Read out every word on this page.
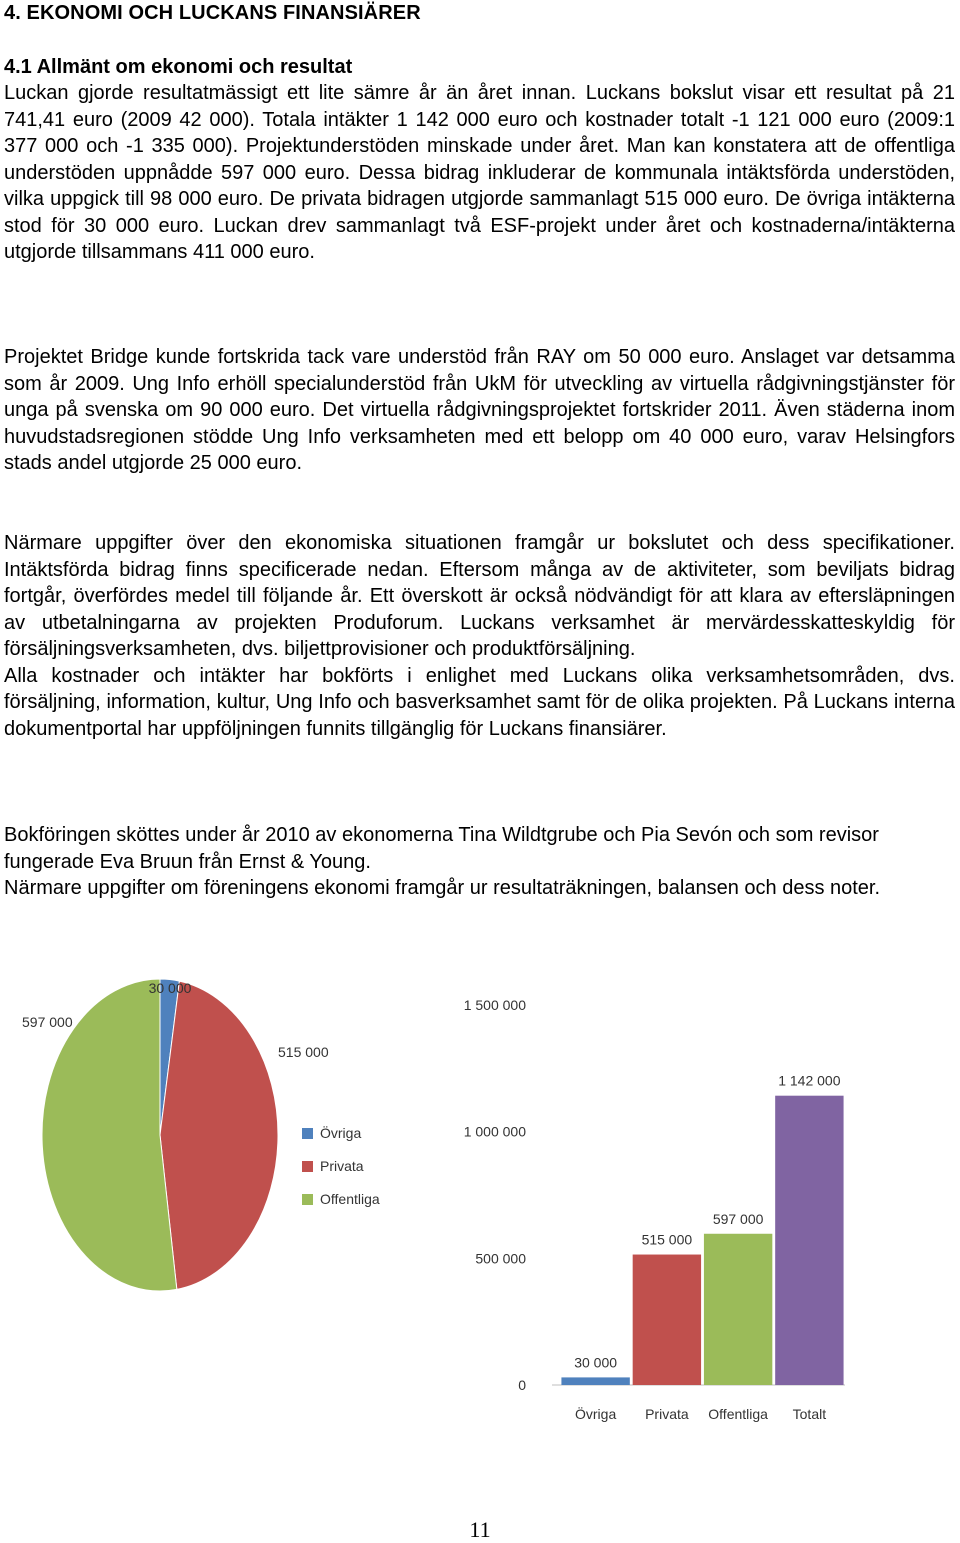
4. EKONOMI OCH LUCKANS FINANSIÄRER
4.1 Allmänt om ekonomi och resultat

Luckan gjorde resultatmässigt ett lite sämre år än året innan. Luckans bokslut visar ett resultat på 21 741,41 euro (2009 42 000). Totala intäkter 1 142 000 euro och kostnader totalt -1 121 000 euro (2009:1 377 000 och -1 335 000). Projektunderstöden minskade under året. Man kan konstatera att de offentliga understöden uppnådde 597 000 euro. Dessa bidrag inkluderar de kommunala intäktsförda understöden, vilka uppgick till 98 000 euro. De privata bidragen utgjorde sammanlagt 515 000 euro. De övriga intäkterna stod för 30 000 euro. Luckan drev sammanlagt två ESF-projekt under året och kostnaderna/intäkterna utgjorde tillsammans 411 000 euro.

Projektet Bridge kunde fortskrida tack vare understöd från RAY om 50 000 euro. Anslaget var detsamma som år 2009. Ung Info erhöll specialunderstöd från UkM för utveckling av virtuella rådgivningstjänster för unga på svenska om 90 000 euro. Det virtuella rådgivningsprojektet fortskrider 2011. Även städerna inom huvudstadsregionen stödde Ung Info verksamheten med ett belopp om 40 000 euro, varav Helsingfors stads andel utgjorde 25 000 euro.

Närmare uppgifter över den ekonomiska situationen framgår ur bokslutet och dess specifikationer. Intäktsförda bidrag finns specificerade nedan. Eftersom många av de aktiviteter, som beviljats bidrag fortgår, överfördes medel till följande år. Ett överskott är också nödvändigt för att klara av eftersläpningen av utbetalningarna av projekten Produforum. Luckans verksamhet är mervärdesskatteskyldig för försäljningsverksamheten, dvs. biljettprovisioner och produktförsäljning.
Alla kostnader och intäkter har bokförts i enlighet med Luckans olika verksamhetsområden, dvs. försäljning, information, kultur, Ung Info och basverksamhet samt för de olika projekten. På Luckans interna dokumentportal har uppföljningen funnits tillgänglig för Luckans finansiärer.
Bokföringen sköttes under år 2010 av ekonomerna Tina Wildtgrube och Pia Sevón och som revisor fungerade Eva Bruun från Ernst & Young.
Närmare uppgifter om föreningens ekonomi framgår ur resultaträkningen, balansen och dess noter.
30 000
515 000
597 000
Övriga
Privata
Offentliga
0
500 000
1 000 000
1 500 000
30 000
Övriga
515 000
Privata
597 000
Offentliga
1 142 000
Totalt
11
